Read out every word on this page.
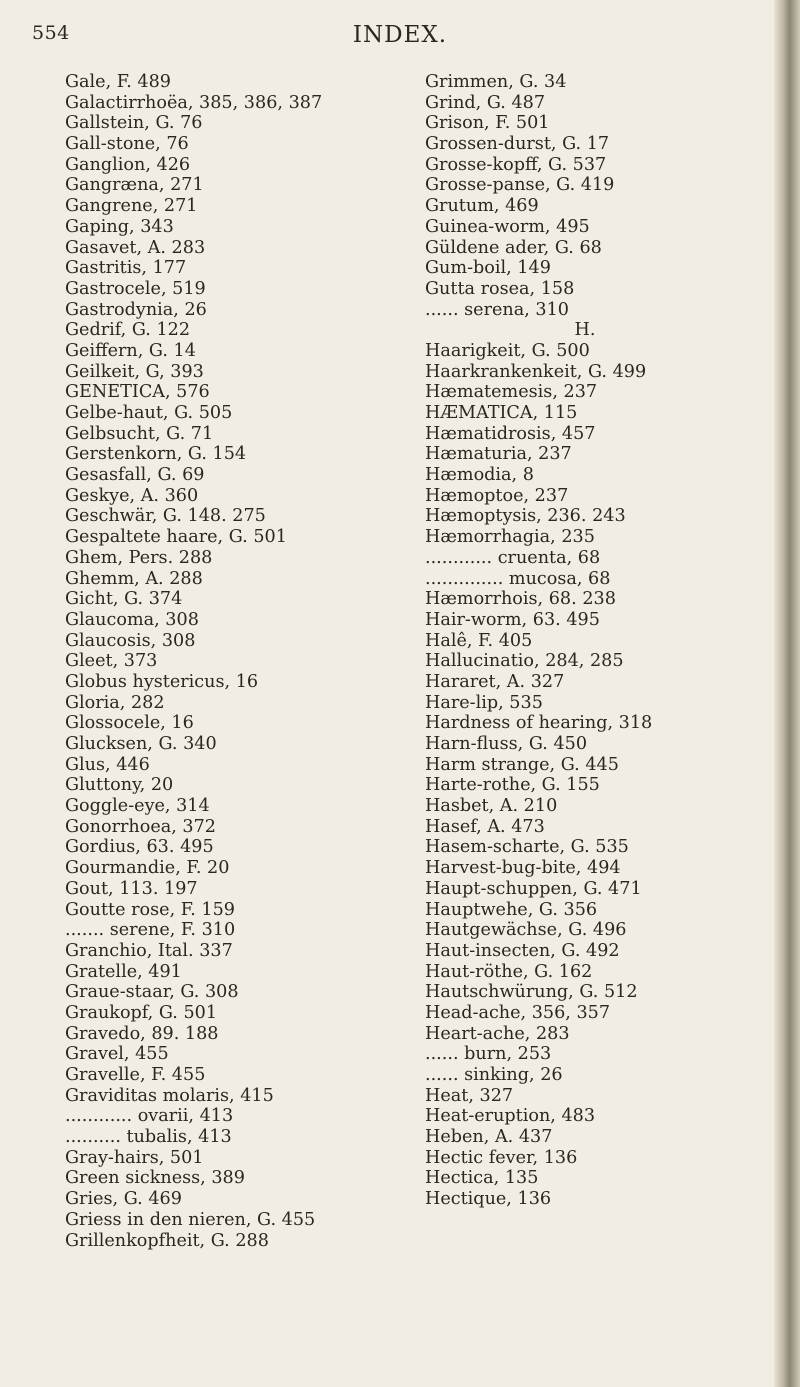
554	INDEX.
Gale, F. 489
Galactirrhoëa, 385, 386, 387
Gallstein, G. 76
Gall-stone, 76
Ganglion, 426
Gangræna, 271
Gangrene, 271
Gaping, 343
Gasavet, A. 283
Gastritis, 177
Gastrocele, 519
Gastrodynia, 26
Gedrif, G. 122
Geiffern, G. 14
Geilkeit, G, 393
GENETICA, 576
Gelbe-haut, G. 505
Gelbsucht, G. 71
Gerstenkorn, G. 154
Gesasfall, G. 69
Geskye, A. 360
Geschwär, G. 148. 275
Gespaltete haare, G. 501
Ghem, Pers. 288
Ghemm, A. 288
Gicht, G. 374
Glaucoma, 308
Glaucosis, 308
Gleet, 373
Globus hystericus, 16
Gloria, 282
Glossocele, 16
Glucksen, G. 340
Glus, 446
Gluttony, 20
Goggle-eye, 314
Gonorrhoea, 372
Gordius, 63. 495
Gourmandie, F. 20
Gout, 113. 197
Goutte rose, F. 159
....... serene, F. 310
Granchio, Ital. 337
Gratelle, 491
Graue-staar, G. 308
Graukopf, G. 501
Gravedo, 89. 188
Gravel, 455
Gravelle, F. 455
Graviditas molaris, 415
............ ovarii, 413
.......... tubalis, 413
Gray-hairs, 501
Green sickness, 389
Gries, G. 469
Griess in den nieren, G. 455
Grillenkopfheit, G. 288
Grimmen, G. 34
Grind, G. 487
Grison, F. 501
Grossen-durst, G. 17
Grosse-kopff, G. 537
Grosse-panse, G. 419
Grutum, 469
Guinea-worm, 495
Güldene ader, G. 68
Gum-boil, 149
Gutta rosea, 158
...... serena, 310
H.
Haarigkeit, G. 500
Haarkrankenkeit, G. 499
Hæmatemesis, 237
HÆMATICA, 115
Hæmatidrosis, 457
Hæmaturia, 237
Hæmodia, 8
Hæmoptoe, 237
Hæmoptysis, 236. 243
Hæmorrhagia, 235
............ cruenta, 68
.............. mucosa, 68
Hæmorrhois, 68. 238
Hair-worm, 63. 495
Halê, F. 405
Hallucinatio, 284, 285
Hararet, A. 327
Hare-lip, 535
Hardness of hearing, 318
Harn-fluss, G. 450
Harm strange, G. 445
Harte-rothe, G. 155
Hasbet, A. 210
Hasef, A. 473
Hasem-scharte, G. 535
Harvest-bug-bite, 494
Haupt-schuppen, G. 471
Hauptwehe, G. 356
Hautgewächse, G. 496
Haut-insecten, G. 492
Haut-röthe, G. 162
Hautschwürung, G. 512
Head-ache, 356, 357
Heart-ache, 283
...... burn, 253
...... sinking, 26
Heat, 327
Heat-eruption, 483
Heben, A. 437
Hectic fever, 136
Hectica, 135
Hectique, 136
